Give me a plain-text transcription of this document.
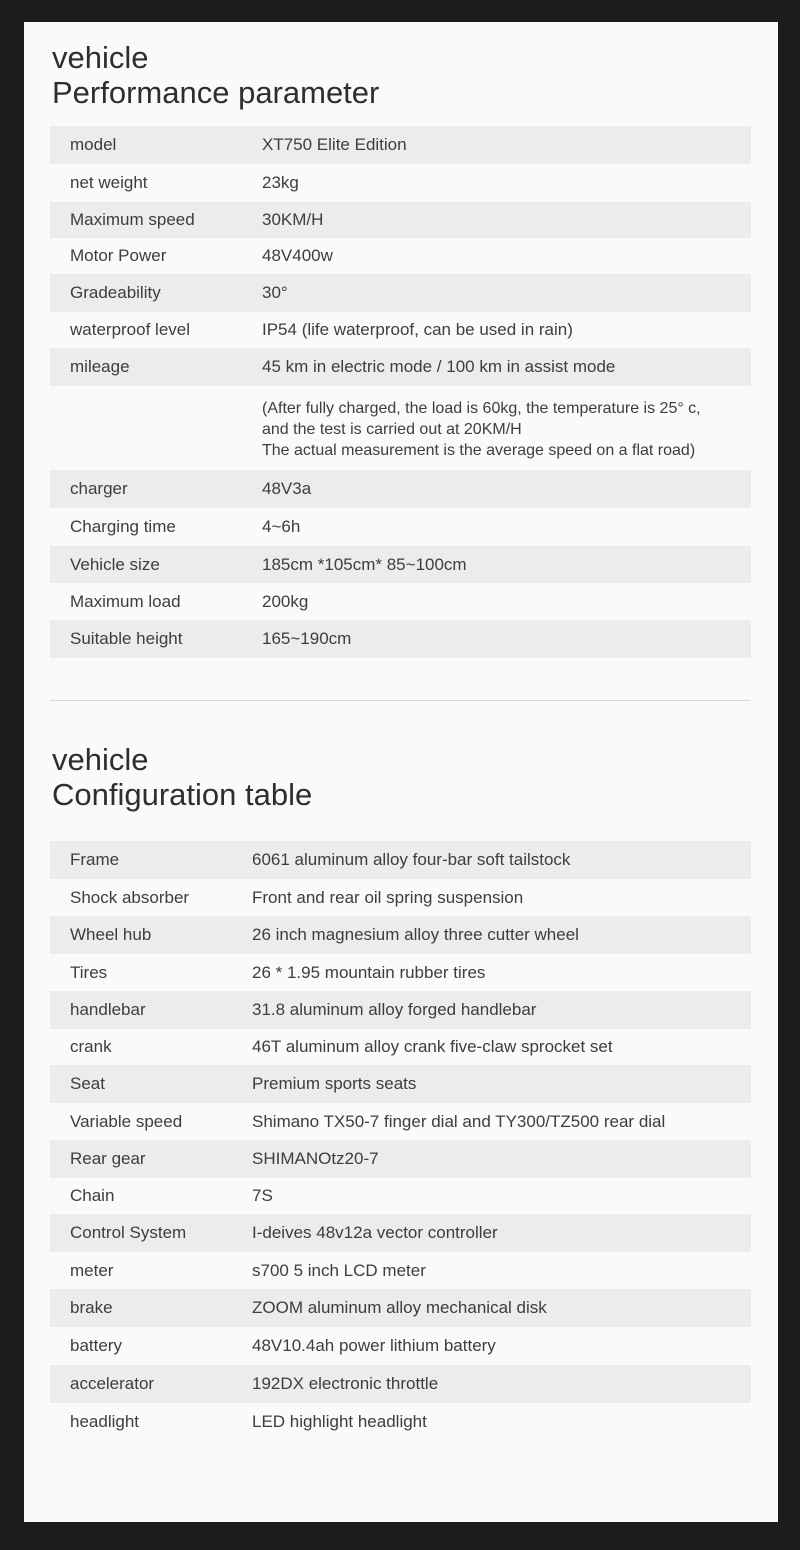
vehicle
Performance parameter
model	XT750 Elite Edition
net weight	23kg
Maximum speed	30KM/H
Motor Power	48V400w
Gradeability	30°
waterproof level	IP54 (life waterproof, can be used in rain)
mileage	45 km in electric mode / 100 km in assist mode
(After fully charged, the load is 60kg, the temperature is 25° c,
and the test is carried out at 20KM/H
The actual measurement is the average speed on a flat road)
charger	48V3a
Charging time	4~6h
Vehicle size	185cm *105cm* 85~100cm
Maximum load	200kg
Suitable height	165~190cm
vehicle
Configuration table
Frame	6061 aluminum alloy four-bar soft tailstock
Shock absorber	Front and rear oil spring suspension
Wheel hub	26 inch magnesium alloy three cutter wheel
Tires	26 * 1.95 mountain rubber tires
handlebar	31.8 aluminum alloy forged handlebar
crank	46T aluminum alloy crank five-claw sprocket set
Seat	Premium sports seats
Variable speed	Shimano TX50-7 finger dial and TY300/TZ500 rear dial
Rear gear	SHIMANOtz20-7
Chain	7S
Control System	I-deives 48v12a vector controller
meter	s700 5 inch LCD meter
brake	ZOOM aluminum alloy mechanical disk
battery	48V10.4ah power lithium battery
accelerator	192DX electronic throttle
headlight	LED highlight headlight
